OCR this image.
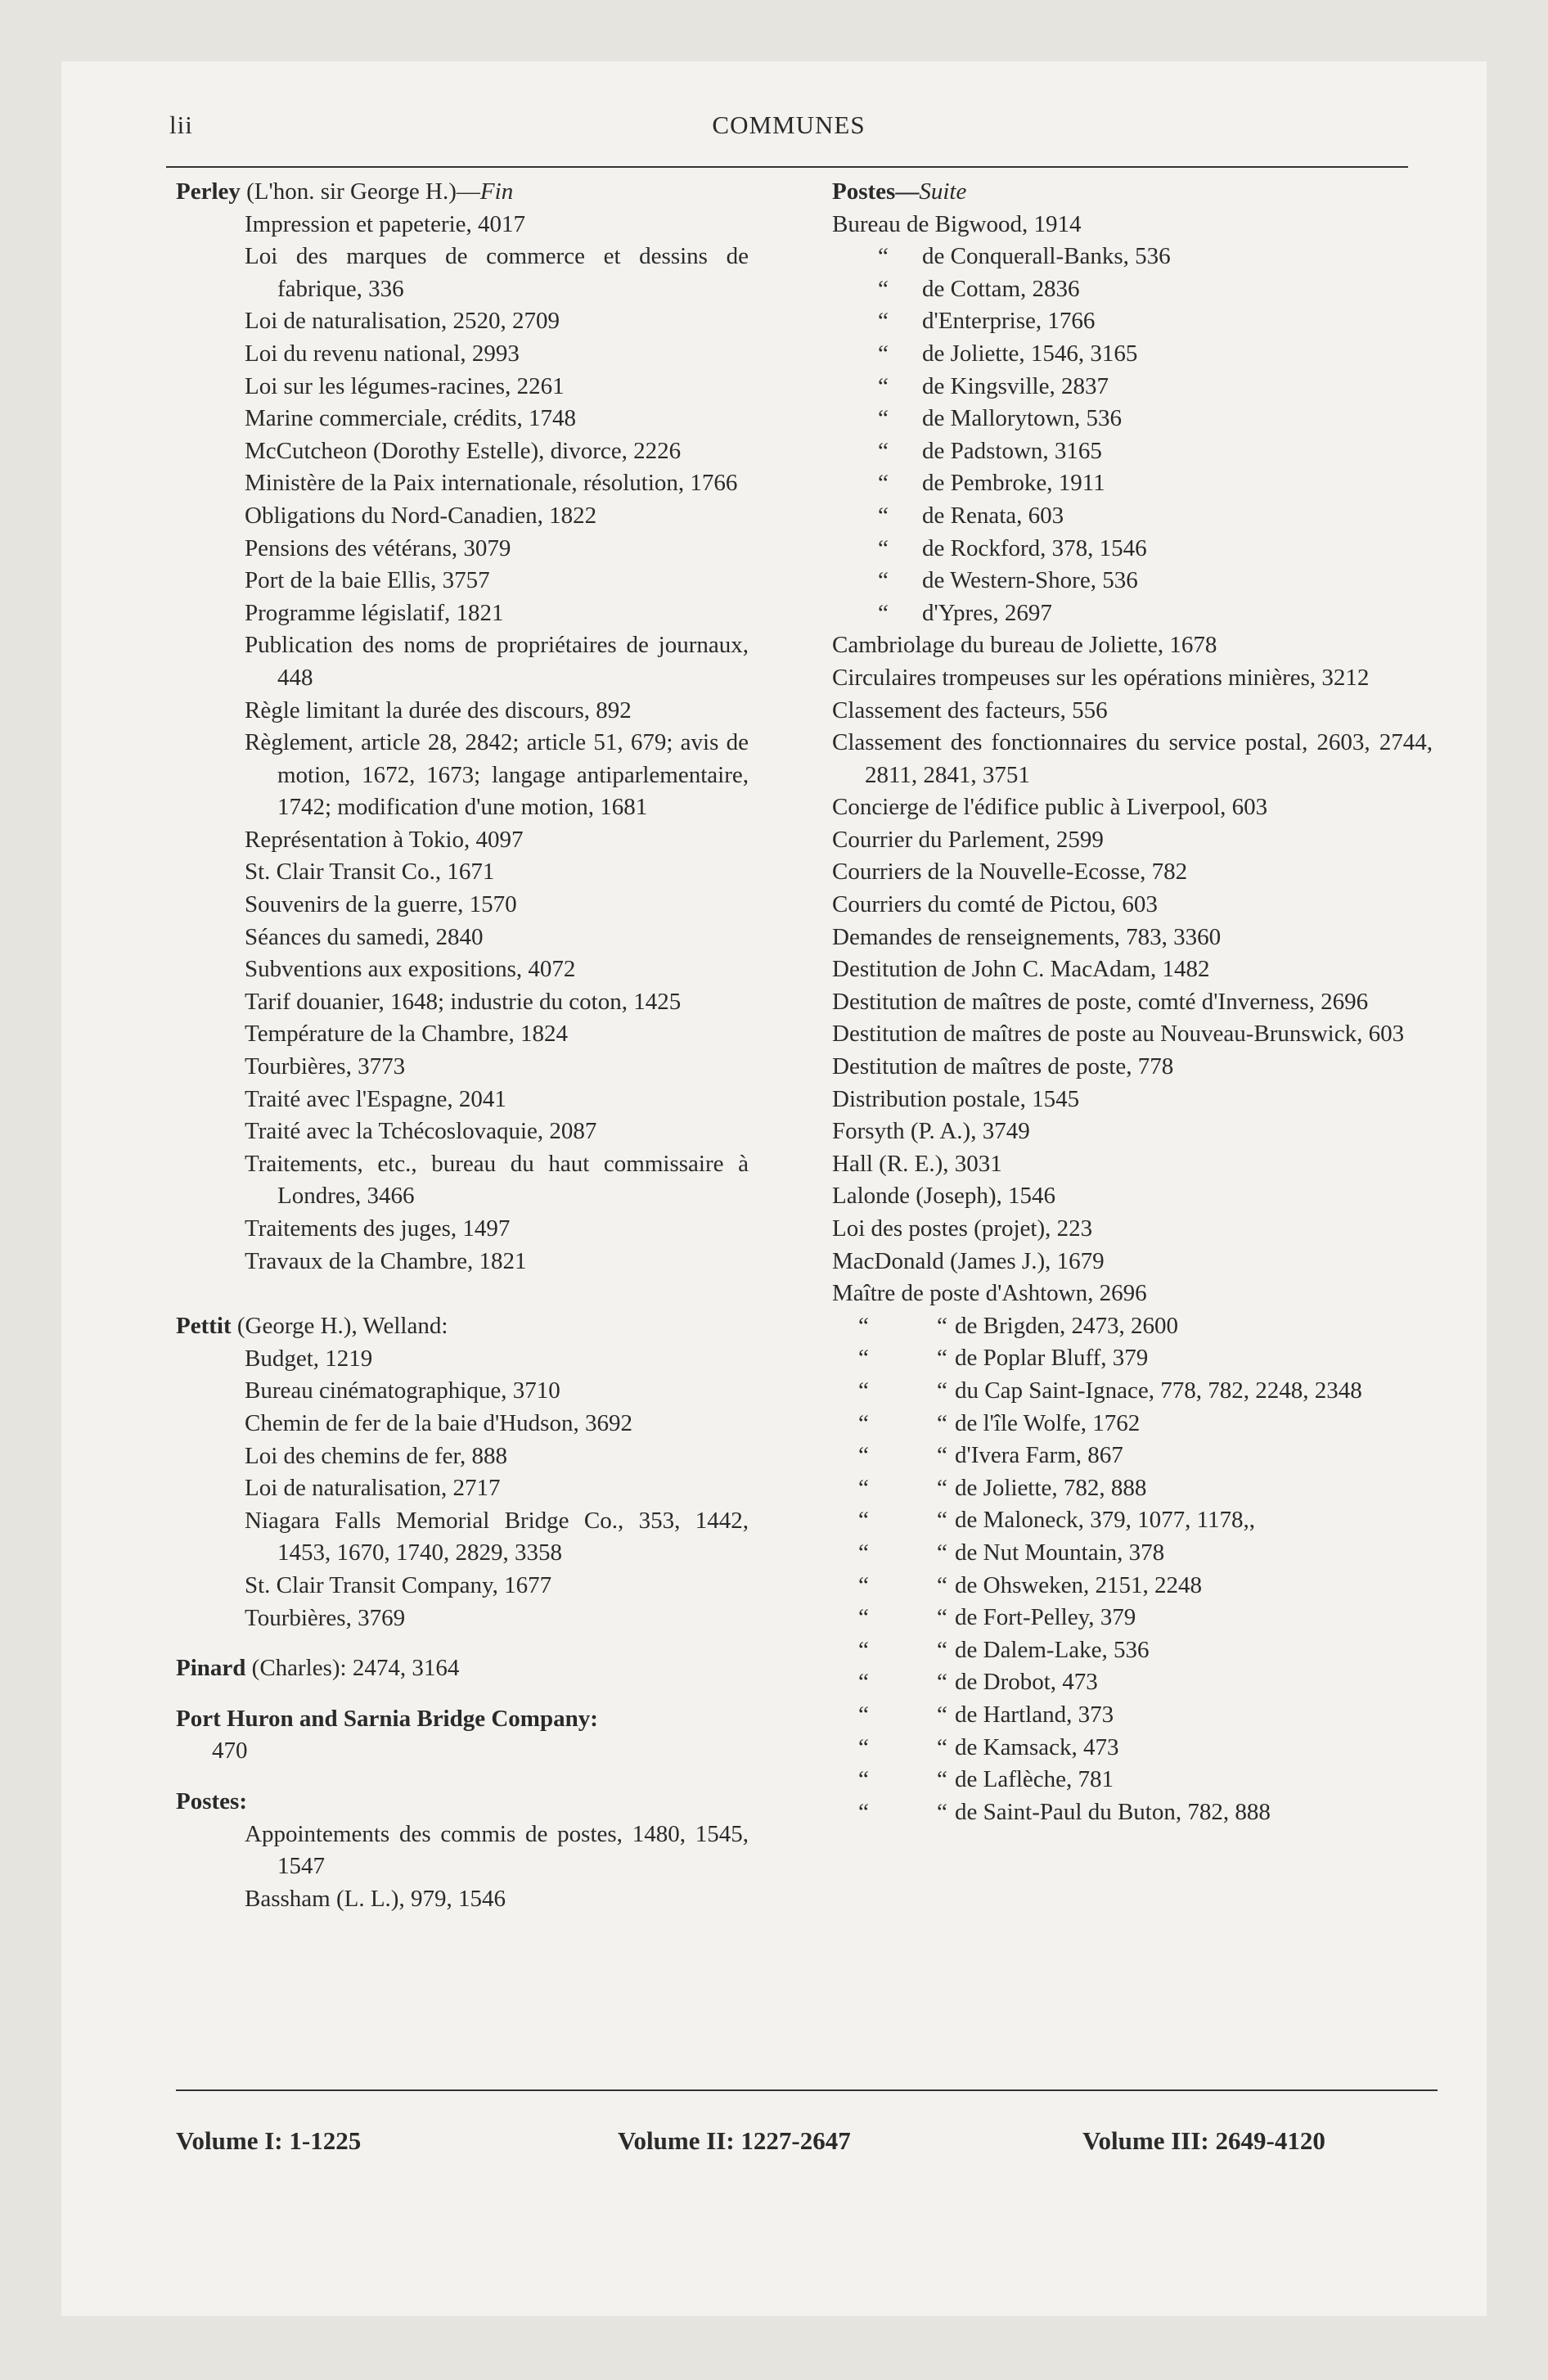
lii	COMMUNES
Perley (L'hon. sir George H.)—Fin
Impression et papeterie, 4017
Loi des marques de commerce et dessins de fabrique, 336
Loi de naturalisation, 2520, 2709
Loi du revenu national, 2993
Loi sur les légumes-racines, 2261
Marine commerciale, crédits, 1748
McCutcheon (Dorothy Estelle), divorce, 2226
Ministère de la Paix internationale, résolution, 1766
Obligations du Nord-Canadien, 1822
Pensions des vétérans, 3079
Port de la baie Ellis, 3757
Programme législatif, 1821
Publication des noms de propriétaires de journaux, 448
Règle limitant la durée des discours, 892
Règlement, article 28, 2842; article 51, 679; avis de motion, 1672, 1673; langage antiparlementaire, 1742; modification d'une motion, 1681
Représentation à Tokio, 4097
St. Clair Transit Co., 1671
Souvenirs de la guerre, 1570
Séances du samedi, 2840
Subventions aux expositions, 4072
Tarif douanier, 1648; industrie du coton, 1425
Température de la Chambre, 1824
Tourbières, 3773
Traité avec l'Espagne, 2041
Traité avec la Tchécoslovaquie, 2087
Traitements, etc., bureau du haut commissaire à Londres, 3466
Traitements des juges, 1497
Travaux de la Chambre, 1821
Pettit (George H.), Welland:
Budget, 1219
Bureau cinématographique, 3710
Chemin de fer de la baie d'Hudson, 3692
Loi des chemins de fer, 888
Loi de naturalisation, 2717
Niagara Falls Memorial Bridge Co., 353, 1442, 1453, 1670, 1740, 2829, 3358
St. Clair Transit Company, 1677
Tourbières, 3769
Pinard (Charles): 2474, 3164
Port Huron and Sarnia Bridge Company:
470
Postes:
Appointements des commis de postes, 1480, 1545, 1547
Bassham (L. L.), 979, 1546
Postes—Suite
Bureau de Bigwood, 1914
“ de Conquerall-Banks, 536
“ de Cottam, 2836
“ d'Enterprise, 1766
“ de Joliette, 1546, 3165
“ de Kingsville, 2837
“ de Mallorytown, 536
“ de Padstown, 3165
“ de Pembroke, 1911
“ de Renata, 603
“ de Rockford, 378, 1546
“ de Western-Shore, 536
“ d'Ypres, 2697
Cambriolage du bureau de Joliette, 1678
Circulaires trompeuses sur les opérations minières, 3212
Classement des facteurs, 556
Classement des fonctionnaires du service postal, 2603, 2744, 2811, 2841, 3751
Concierge de l'édifice public à Liverpool, 603
Courrier du Parlement, 2599
Courriers de la Nouvelle-Ecosse, 782
Courriers du comté de Pictou, 603
Demandes de renseignements, 783, 3360
Destitution de John C. MacAdam, 1482
Destitution de maîtres de poste, comté d'Inverness, 2696
Destitution de maîtres de poste au Nouveau-Brunswick, 603
Destitution de maîtres de poste, 778
Distribution postale, 1545
Forsyth (P. A.), 3749
Hall (R. E.), 3031
Lalonde (Joseph), 1546
Loi des postes (projet), 223
MacDonald (James J.), 1679
Maître de poste d'Ashtown, 2696
“	“ de Brigden, 2473, 2600
“	“ de Poplar Bluff, 379
“	“ du Cap Saint-Ignace, 778, 782, 2248, 2348
“	“ de l'île Wolfe, 1762
“	“ d'Ivera Farm, 867
“	“ de Joliette, 782, 888
“	“ de Maloneck, 379, 1077, 1178,,
“	“ de Nut Mountain, 378
“	“ de Ohsweken, 2151, 2248
“	“ de Fort-Pelley, 379
“	“ de Dalem-Lake, 536
“	“ de Drobot, 473
“	“ de Hartland, 373
“	“ de Kamsack, 473
“	“ de Laflèche, 781
“	“ de Saint-Paul du Buton, 782, 888
Volume I: 1-1225	Volume II: 1227-2647	Volume III: 2649-4120
